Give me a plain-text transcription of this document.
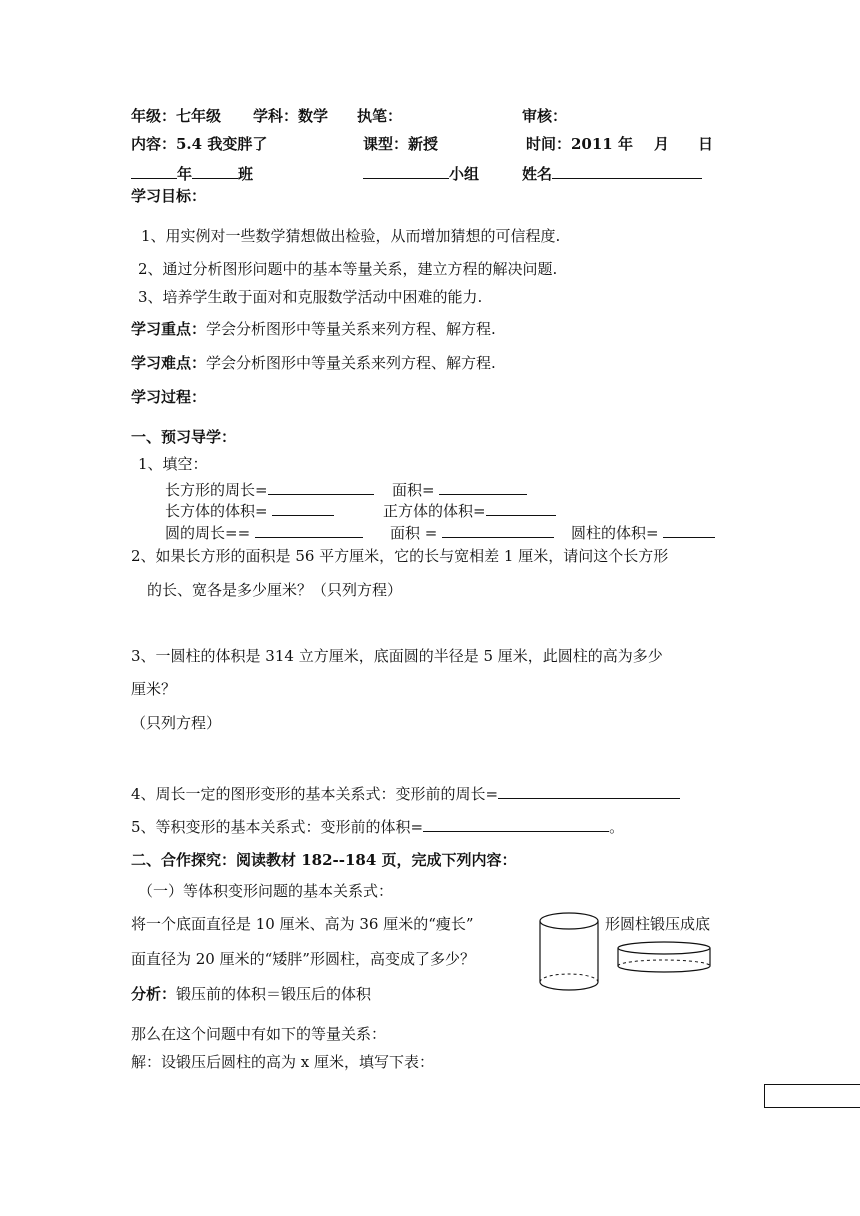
年级：七年级 学科：数学 执笔：	审核：
内容：5.4 我变胖了	课型：新授	时间：2011 年 月 日
年	班	小组	姓名
学习目标：
1、用实例对一些数学猜想做出检验，从而增加猜想的可信程度.
2、通过分析图形问题中的基本等量关系，建立方程的解决问题.
3、培养学生敢于面对和克服数学活动中困难的能力.
学习重点：学会分析图形中等量关系来列方程、解方程.
学习难点：学会分析图形中等量关系来列方程、解方程.
学习过程：
一、预习导学：
1、填空：
长方形的周长=	面积=
长方体的体积=	正方体的体积=
圆的周长==	面积 =	圆柱的体积=
2、如果长方形的面积是 56 平方厘米，它的长与宽相差 1 厘米，请问这个长方形
的长、宽各是多少厘米？（只列方程）
3、一圆柱的体积是 314 立方厘米，底面圆的半径是 5 厘米，此圆柱的高为多少
厘米？
（只列方程）
4、周长一定的图形变形的基本关系式：变形前的周长=
5、等积变形的基本关系式：变形前的体积=	。
二、合作探究：阅读教材 182--184 页，完成下列内容：
（一）等体积变形问题的基本关系式：
将一个底面直径是 10 厘米、高为 36 厘米的“瘦长”	形圆柱锻压成底
面直径为 20 厘米的“矮胖”形圆柱，高变成了多少？
分析：锻压前的体积＝锻压后的体积
那么在这个问题中有如下的等量关系：
解：设锻压后圆柱的高为 x 厘米，填写下表：
